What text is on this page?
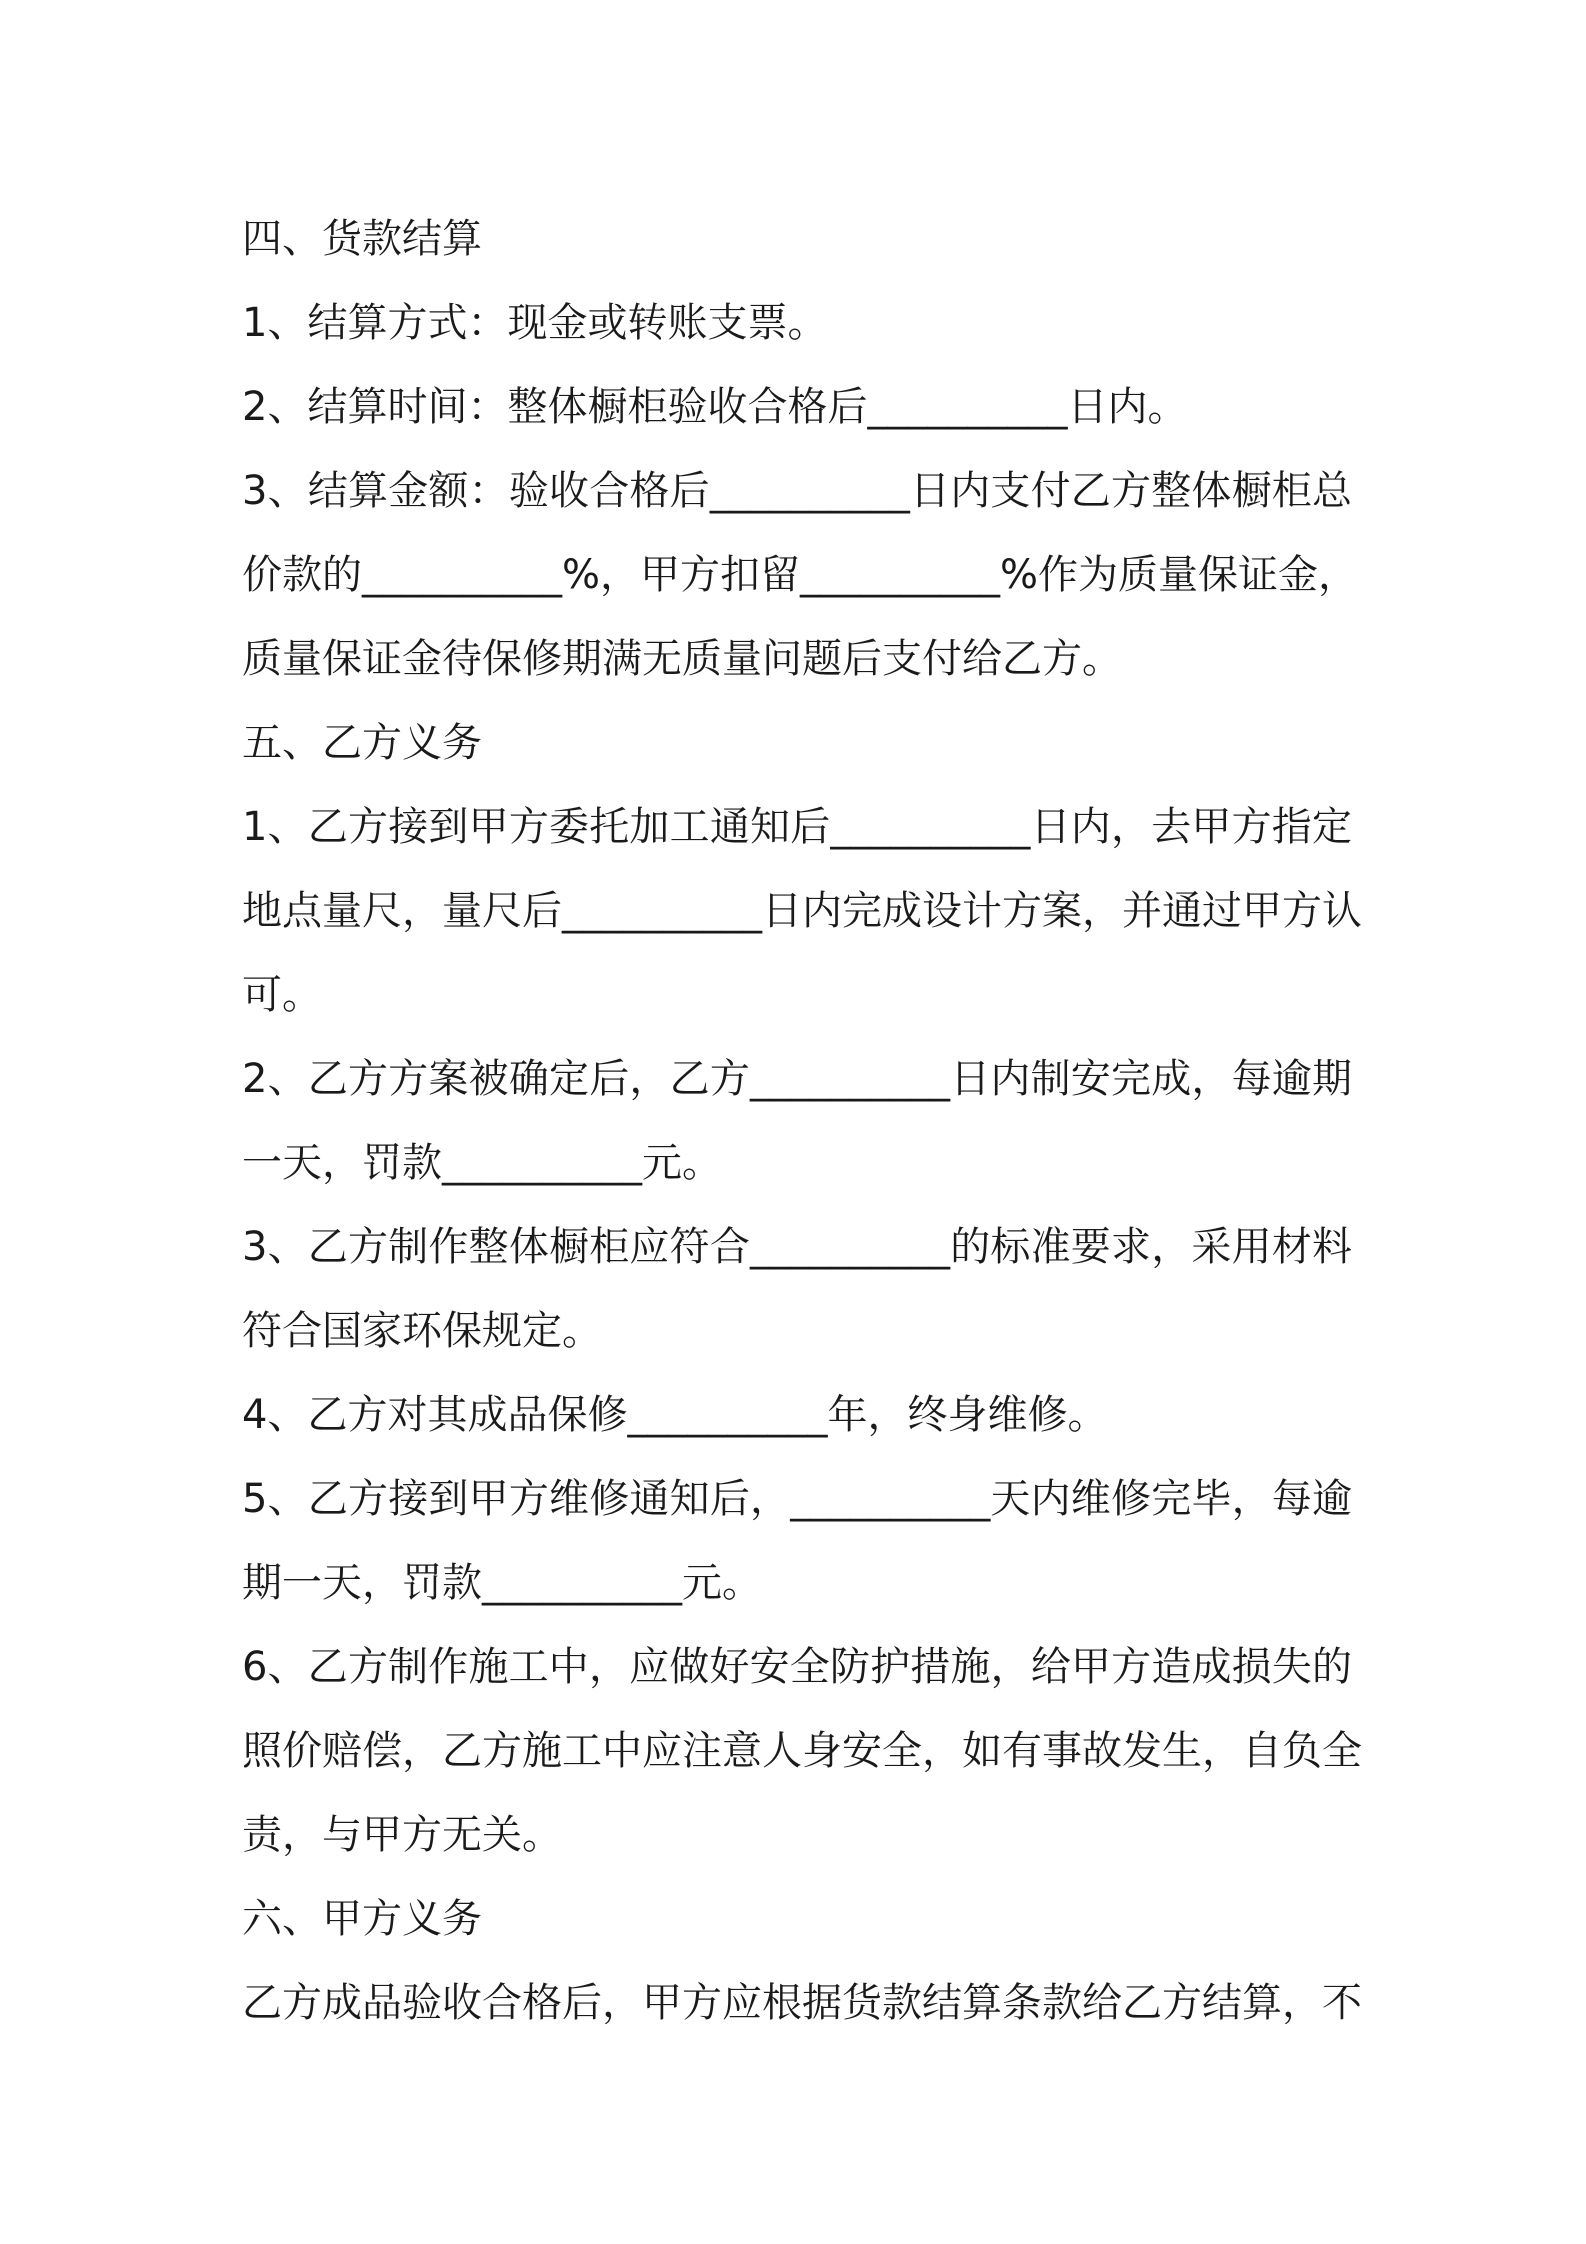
四、货款结算
1、结算方式：现金或转账支票。
2、结算时间：整体橱柜验收合格后__________日内。
3、结算金额：验收合格后__________日内支付乙方整体橱柜总
价款的__________%，甲方扣留__________%作为质量保证金，
质量保证金待保修期满无质量问题后支付给乙方。
五、乙方义务
1、乙方接到甲方委托加工通知后__________日内，去甲方指定
地点量尺，量尺后__________日内完成设计方案，并通过甲方认
可。
2、乙方方案被确定后，乙方__________日内制安完成，每逾期
一天，罚款__________元。
3、乙方制作整体橱柜应符合__________的标准要求，采用材料
符合国家环保规定。
4、乙方对其成品保修__________年，终身维修。
5、乙方接到甲方维修通知后，__________天内维修完毕，每逾
期一天，罚款__________元。
6、乙方制作施工中，应做好安全防护措施，给甲方造成损失的
照价赔偿，乙方施工中应注意人身安全，如有事故发生，自负全
责，与甲方无关。
六、甲方义务
乙方成品验收合格后，甲方应根据货款结算条款给乙方结算，不
